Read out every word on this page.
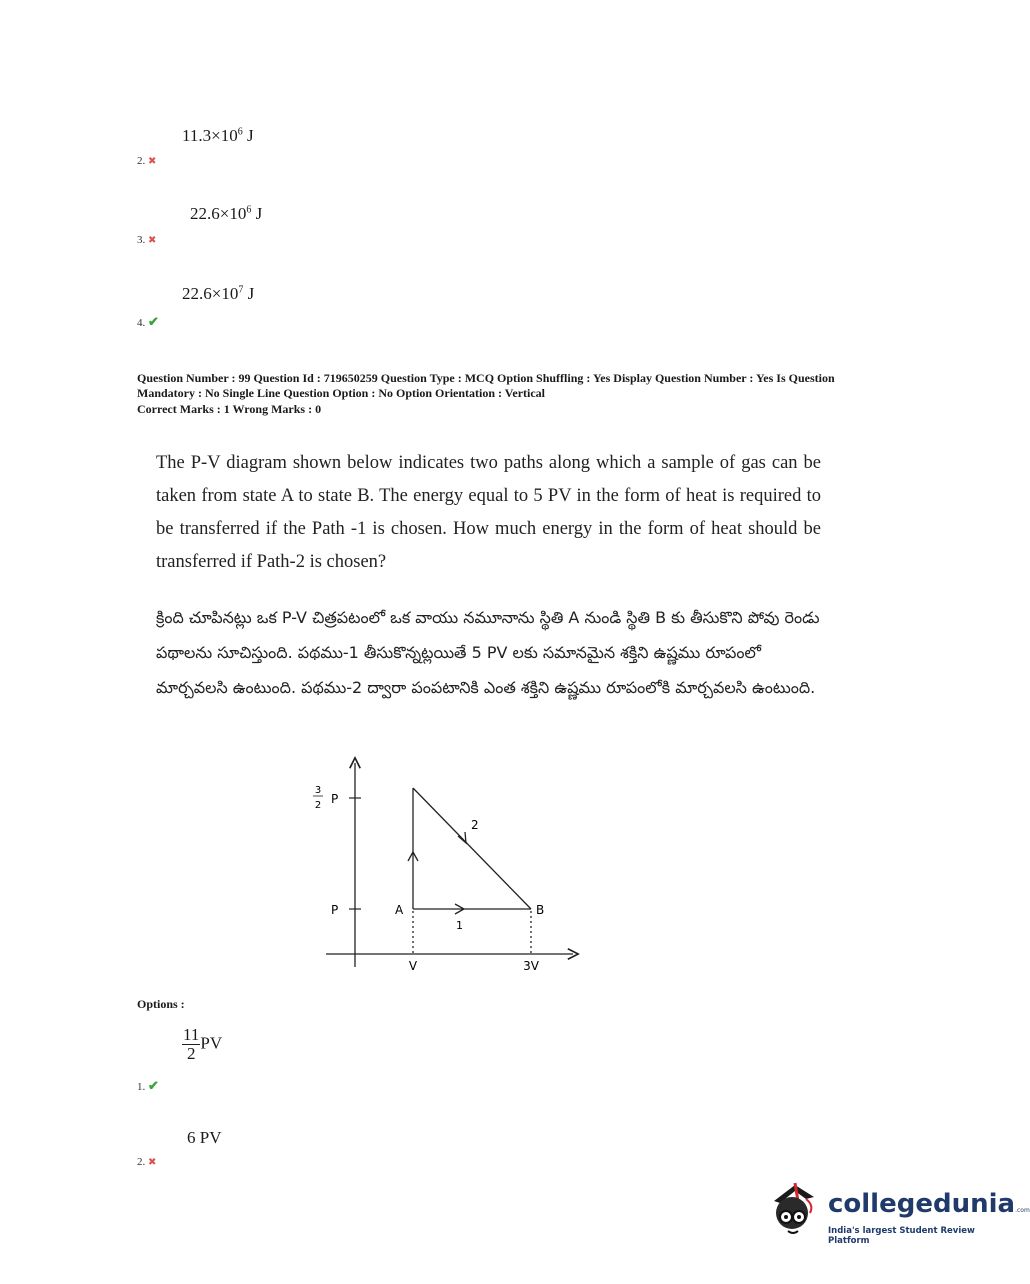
$11.3\times 10^6$ J
2. ✖
$22.6\times 10^6$ J
3. ✖
$22.6\times 10^7$ J
4. ✔
Question Number : 99 Question Id : 719650259 Question Type : MCQ Option Shuffling : Yes Display Question Number : Yes Is Question
Mandatory : No Single Line Question Option : No Option Orientation : Vertical
Correct Marks : 1 Wrong Marks : 0
The P-V diagram shown below indicates two paths along which a sample of gas can be taken from state A to state B. The energy equal to 5 PV in the form of heat is required to be transferred if the Path -1 is chosen. How much energy in the form of heat should be transferred if Path-2 is chosen?
క్రింది చూపినట్లు ఒక P-V చిత్రపటంలో ఒక వాయు నమూనాను స్థితి A నుండి స్థితి B కు తీసుకొని పోవు రెండు పథాలను సూచిస్తుంది. పథము-1 తీసుకొన్నట్లయితే 5 PV లకు సమానమైన శక్తిని ఉష్ణము రూపంలో మార్చవలసి ఉంటుంది. పథము-2 ద్వారా పంపటానికి ఎంత శక్తిని ఉష్ణము రూపంలోకి మార్చవలసి ఉంటుంది.
3
2 P
P	A	B
1
2
V	3V
Options :
$\frac{11}{2}$ PV
1. ✔
6 PV
2. ✖
collegedunia.com
India's largest Student Review Platform
